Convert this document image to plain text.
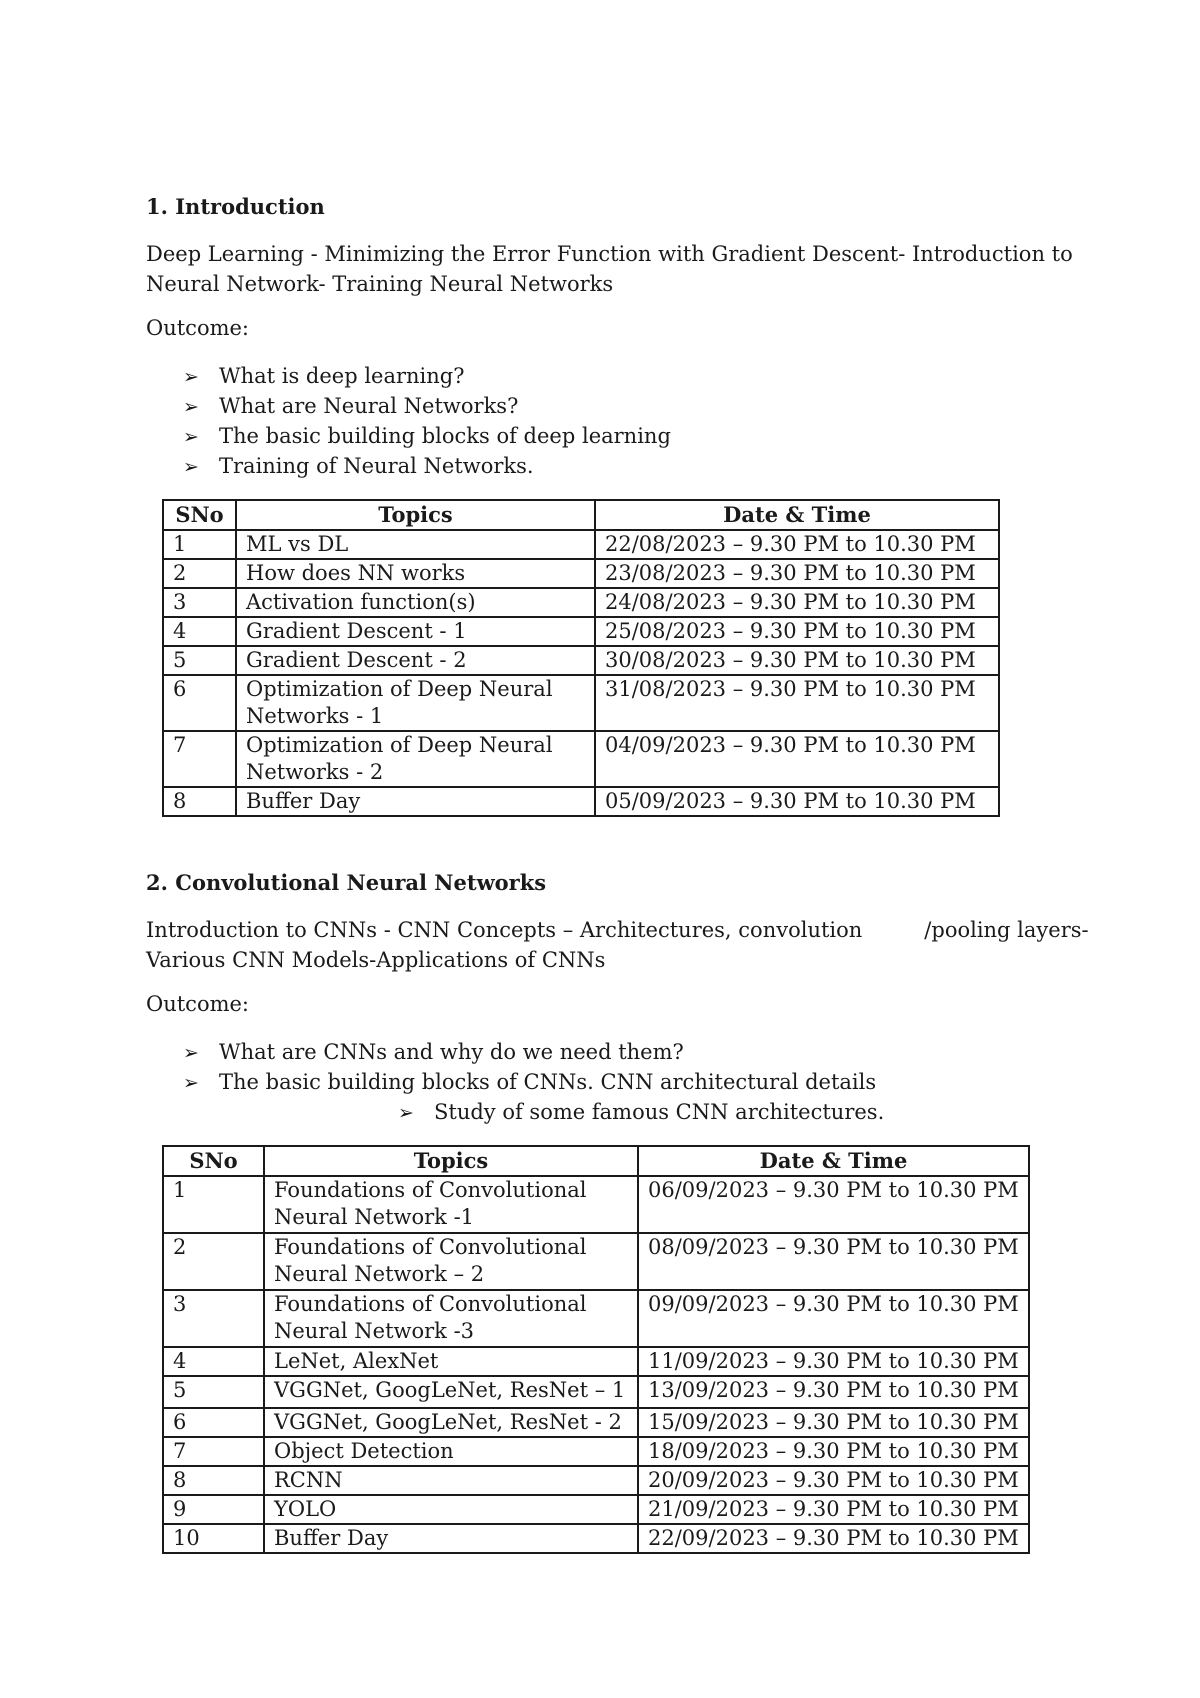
1. Introduction
Deep Learning - Minimizing the Error Function with Gradient Descent- Introduction to
Neural Network- Training Neural Networks
Outcome:
➢ What is deep learning?
➢ What are Neural Networks?
➢ The basic building blocks of deep learning
➢ Training of Neural Networks.
SNo	Topics	Date & Time
1	ML vs DL	22/08/2023 – 9.30 PM to 10.30 PM
2	How does NN works	23/08/2023 – 9.30 PM to 10.30 PM
3	Activation function(s)	24/08/2023 – 9.30 PM to 10.30 PM
4	Gradient Descent - 1	25/08/2023 – 9.30 PM to 10.30 PM
5	Gradient Descent - 2	30/08/2023 – 9.30 PM to 10.30 PM
6	Optimization of Deep Neural Networks - 1	31/08/2023 – 9.30 PM to 10.30 PM
7	Optimization of Deep Neural Networks - 2	04/09/2023 – 9.30 PM to 10.30 PM
8	Buffer Day	05/09/2023 – 9.30 PM to 10.30 PM
2. Convolutional Neural Networks
Introduction to CNNs - CNN Concepts – Architectures, convolution	/pooling layers-
Various CNN Models-Applications of CNNs
Outcome:
➢ What are CNNs and why do we need them?
➢ The basic building blocks of CNNs. CNN architectural details
➢ Study of some famous CNN architectures.
SNo	Topics	Date & Time
1	Foundations of Convolutional Neural Network -1	06/09/2023 – 9.30 PM to 10.30 PM
2	Foundations of Convolutional Neural Network – 2	08/09/2023 – 9.30 PM to 10.30 PM
3	Foundations of Convolutional Neural Network -3	09/09/2023 – 9.30 PM to 10.30 PM
4	LeNet, AlexNet	11/09/2023 – 9.30 PM to 10.30 PM
5	VGGNet, GoogLeNet, ResNet – 1	13/09/2023 – 9.30 PM to 10.30 PM
6	VGGNet, GoogLeNet, ResNet - 2	15/09/2023 – 9.30 PM to 10.30 PM
7	Object Detection	18/09/2023 – 9.30 PM to 10.30 PM
8	RCNN	20/09/2023 – 9.30 PM to 10.30 PM
9	YOLO	21/09/2023 – 9.30 PM to 10.30 PM
10	Buffer Day	22/09/2023 – 9.30 PM to 10.30 PM
